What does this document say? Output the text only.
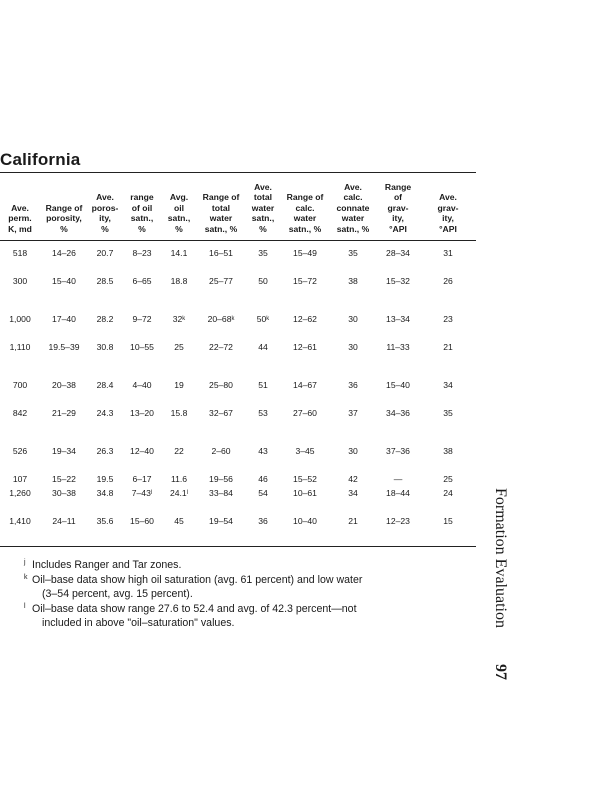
California
Ave.
perm.
K, md	Range of
porosity,
%	Ave.
poros-
ity,
%	range
of oil
satn.,
%	Avg.
oil
satn.,
%	Range of
total
water
satn., %	Ave.
total
water
satn.,
%	Range of
calc.
water
satn., %	Ave.
calc.
connate
water
satn., %	Range
of
grav-
ity,
°API	Ave.
grav-
ity,
°API
518	14–26	20.7	8–23	14.1	16–51	35	15–49	35	28–34	31

300	15–40	28.5	6–65	18.8	25–77	50	15–72	38	15–32	26

1,000	17–40	28.2	9–72	32ᵏ	20–68ᵏ	50ᵏ	12–62	30	13–34	23

1,110	19.5–39	30.8	10–55	25	22–72	44	12–61	30	11–33	21

700	20–38	28.4	4–40	19	25–80	51	14–67	36	15–40	34

842	21–29	24.3	13–20	15.8	32–67	53	27–60	37	34–36	35

526	19–34	26.3	12–40	22	2–60	43	3–45	30	37–36	38

107	15–22	19.5	6–17	11.6	19–56	46	15–52	42	—	25
1,260	30–38	34.8	7–43ˡ	24.1ˡ	33–84	54	10–61	34	18–44	24

1,410	24–11	35.6	15–60	45	19–54	36	10–40	21	12–23	15

j Includes Ranger and Tar zones.

k Oil–base data show high oil saturation (avg. 61 percent) and low water
(3–54 percent, avg. 15 percent).

l Oil–base data show range 27.6 to 52.4 and avg. of 42.3 percent—not
included in above "oil–saturation" values.	Formation Evaluation
97
